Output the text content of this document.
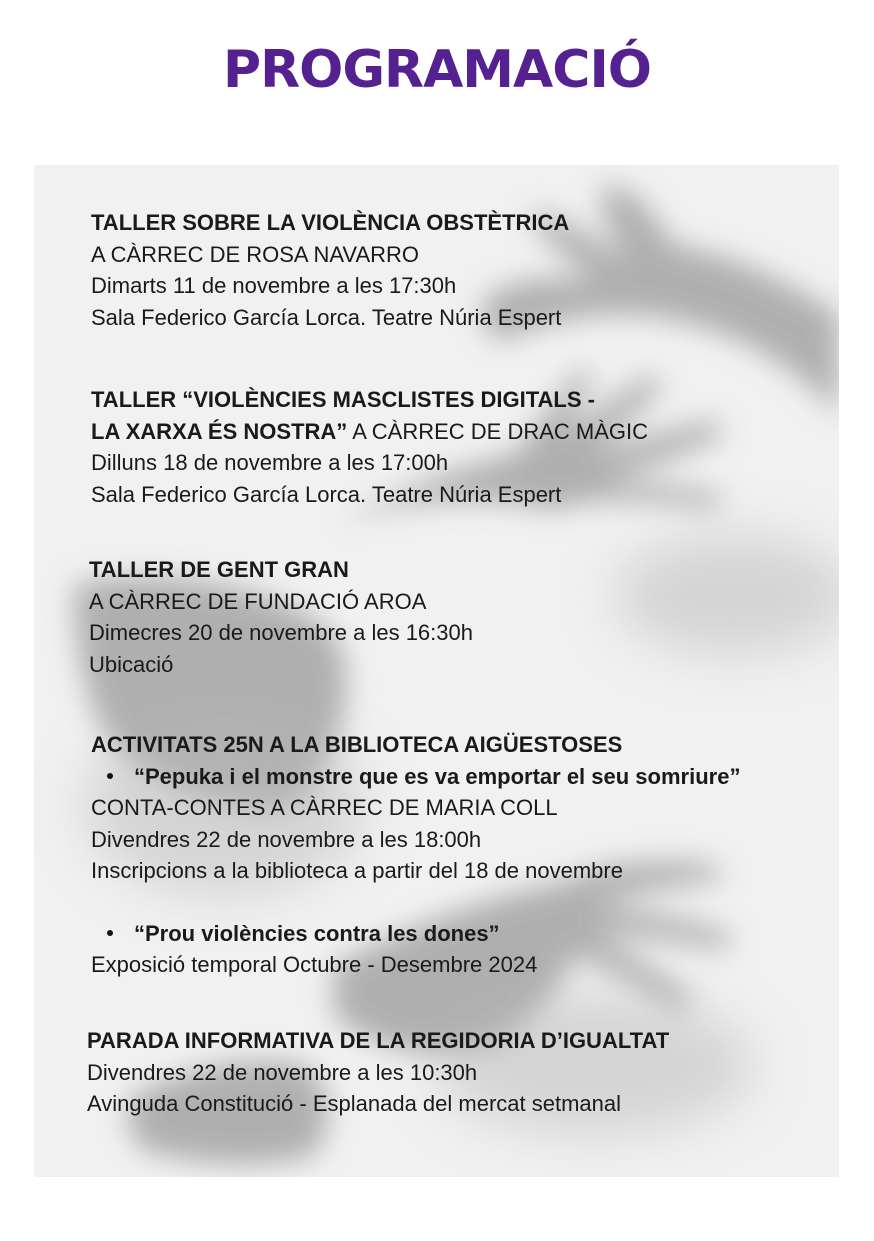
PROGRAMACIÓ
TALLER SOBRE LA VIOLÈNCIA OBSTÈTRICA
A CÀRREC DE ROSA NAVARRO
Dimarts 11 de novembre a les 17:30h
Sala Federico García Lorca. Teatre Núria Espert
TALLER “VIOLÈNCIES MASCLISTES DIGITALS -
LA XARXA ÉS NOSTRA” A CÀRREC DE DRAC MÀGIC
Dilluns 18 de novembre a les 17:00h
Sala Federico García Lorca. Teatre Núria Espert
TALLER DE GENT GRAN
A CÀRREC DE FUNDACIÓ AROA
Dimecres 20 de novembre a les 16:30h
Ubicació
ACTIVITATS 25N A LA BIBLIOTECA AIGÜESTOSES
“Pepuka i el monstre que es va emportar el seu somriure”
CONTA-CONTES A CÀRREC DE MARIA COLL
Divendres 22 de novembre a les 18:00h
Inscripcions a la biblioteca a partir del 18 de novembre
“Prou violències contra les dones”
Exposició temporal Octubre - Desembre 2024
PARADA INFORMATIVA DE LA REGIDORIA D’IGUALTAT
Divendres 22 de novembre a les 10:30h
Avinguda Constitució - Esplanada del mercat setmanal
